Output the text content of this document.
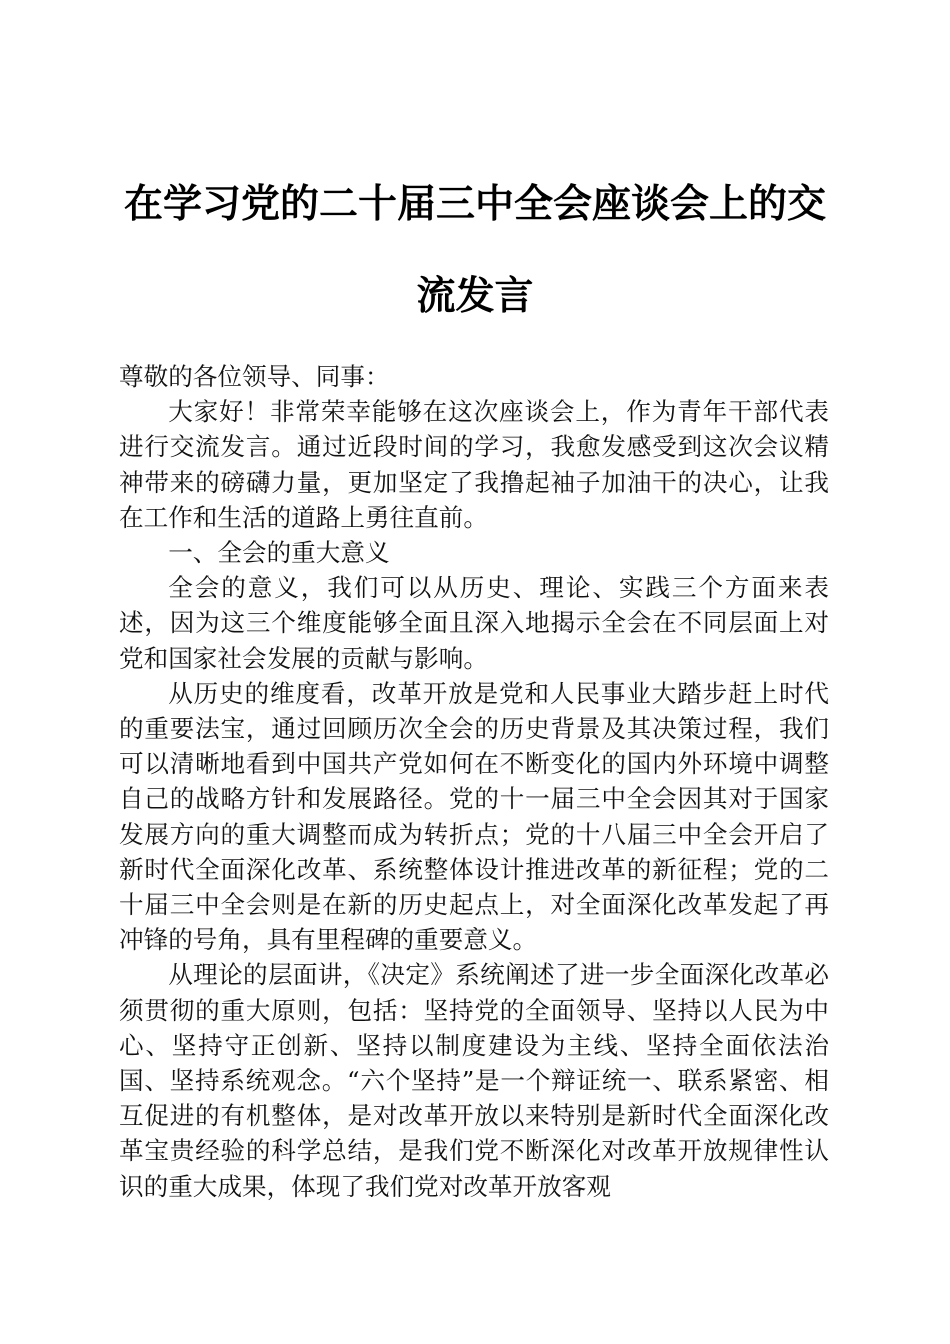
在学习党的二十届三中全会座谈会上的交流发言

尊敬的各位领导、同事：

大家好！非常荣幸能够在这次座谈会上，作为青年干部代表进行交流发言。通过近段时间的学习，我愈发感受到这次会议精神带来的磅礴力量，更加坚定了我撸起袖子加油干的决心，让我在工作和生活的道路上勇往直前。

一、全会的重大意义

全会的意义，我们可以从历史、理论、实践三个方面来表述，因为这三个维度能够全面且深入地揭示全会在不同层面上对党和国家社会发展的贡献与影响。

从历史的维度看，改革开放是党和人民事业大踏步赶上时代的重要法宝，通过回顾历次全会的历史背景及其决策过程，我们可以清晰地看到中国共产党如何在不断变化的国内外环境中调整自己的战略方针和发展路径。党的十一届三中全会因其对于国家发展方向的重大调整而成为转折点；党的十八届三中全会开启了新时代全面深化改革、系统整体设计推进改革的新征程；党的二十届三中全会则是在新的历史起点上，对全面深化改革发起了再冲锋的号角，具有里程碑的重要意义。

从理论的层面讲，《决定》系统阐述了进一步全面深化改革必须贯彻的重大原则，包括：坚持党的全面领导、坚持以人民为中心、坚持守正创新、坚持以制度建设为主线、坚持全面依法治国、坚持系统观念。“六个坚持”是一个辩证统一、联系紧密、相互促进的有机整体，是对改革开放以来特别是新时代全面深化改革宝贵经验的科学总结，是我们党不断深化对改革开放规律性认识的重大成果，体现了我们党对改革开放客观
